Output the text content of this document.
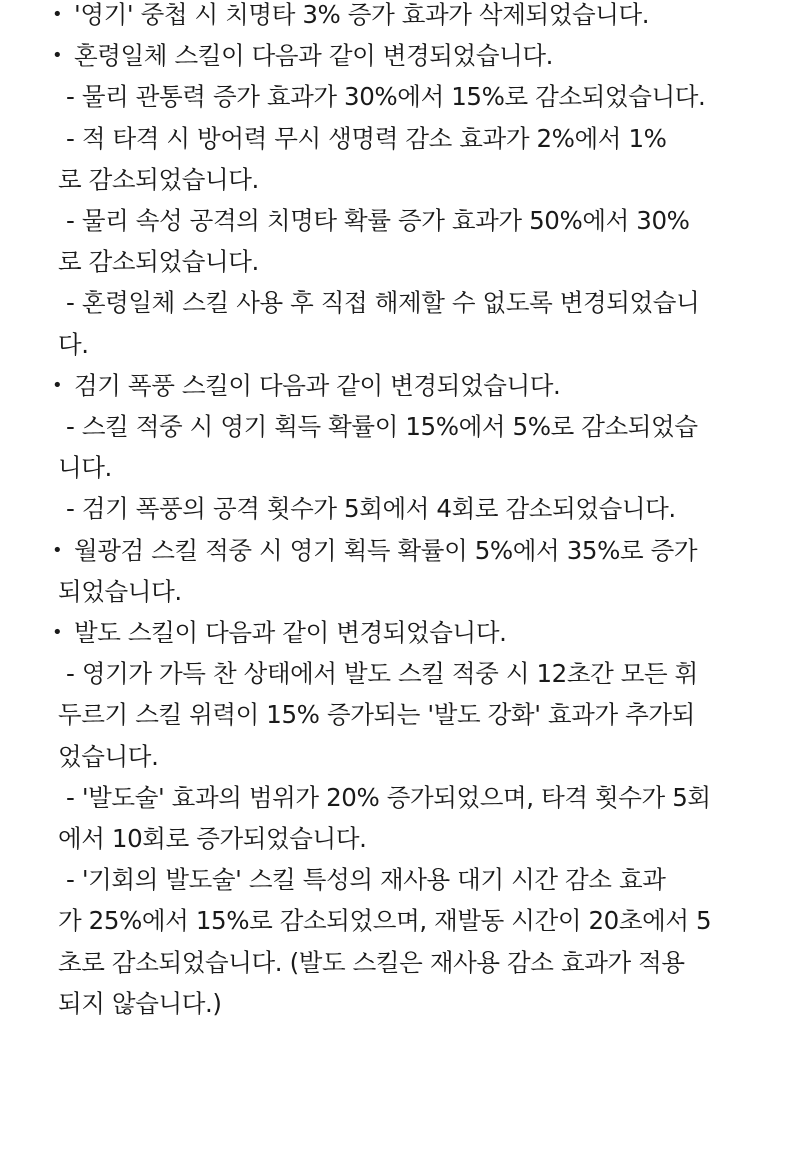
• '영기' 중첩 시 치명타 3% 증가 효과가 삭제되었습니다.
• 혼령일체 스킬이 다음과 같이 변경되었습니다.
- 물리 관통력 증가 효과가 30%에서 15%로 감소되었습니다.
- 적 타격 시 방어력 무시 생명력 감소 효과가 2%에서 1%
로 감소되었습니다.
- 물리 속성 공격의 치명타 확률 증가 효과가 50%에서 30%
로 감소되었습니다.
- 혼령일체 스킬 사용 후 직접 해제할 수 없도록 변경되었습니
다.
• 검기 폭풍 스킬이 다음과 같이 변경되었습니다.
- 스킬 적중 시 영기 획득 확률이 15%에서 5%로 감소되었습
니다.
- 검기 폭풍의 공격 횟수가 5회에서 4회로 감소되었습니다.
• 월광검 스킬 적중 시 영기 획득 확률이 5%에서 35%로 증가
되었습니다.
• 발도 스킬이 다음과 같이 변경되었습니다.
- 영기가 가득 찬 상태에서 발도 스킬 적중 시 12초간 모든 휘
두르기 스킬 위력이 15% 증가되는 '발도 강화' 효과가 추가되
었습니다.
- '발도술' 효과의 범위가 20% 증가되었으며, 타격 횟수가 5회
에서 10회로 증가되었습니다.
- '기회의 발도술' 스킬 특성의 재사용 대기 시간 감소 효과
가 25%에서 15%로 감소되었으며, 재발동 시간이 20초에서 5
초로 감소되었습니다. (발도 스킬은 재사용 감소 효과가 적용
되지 않습니다.)
